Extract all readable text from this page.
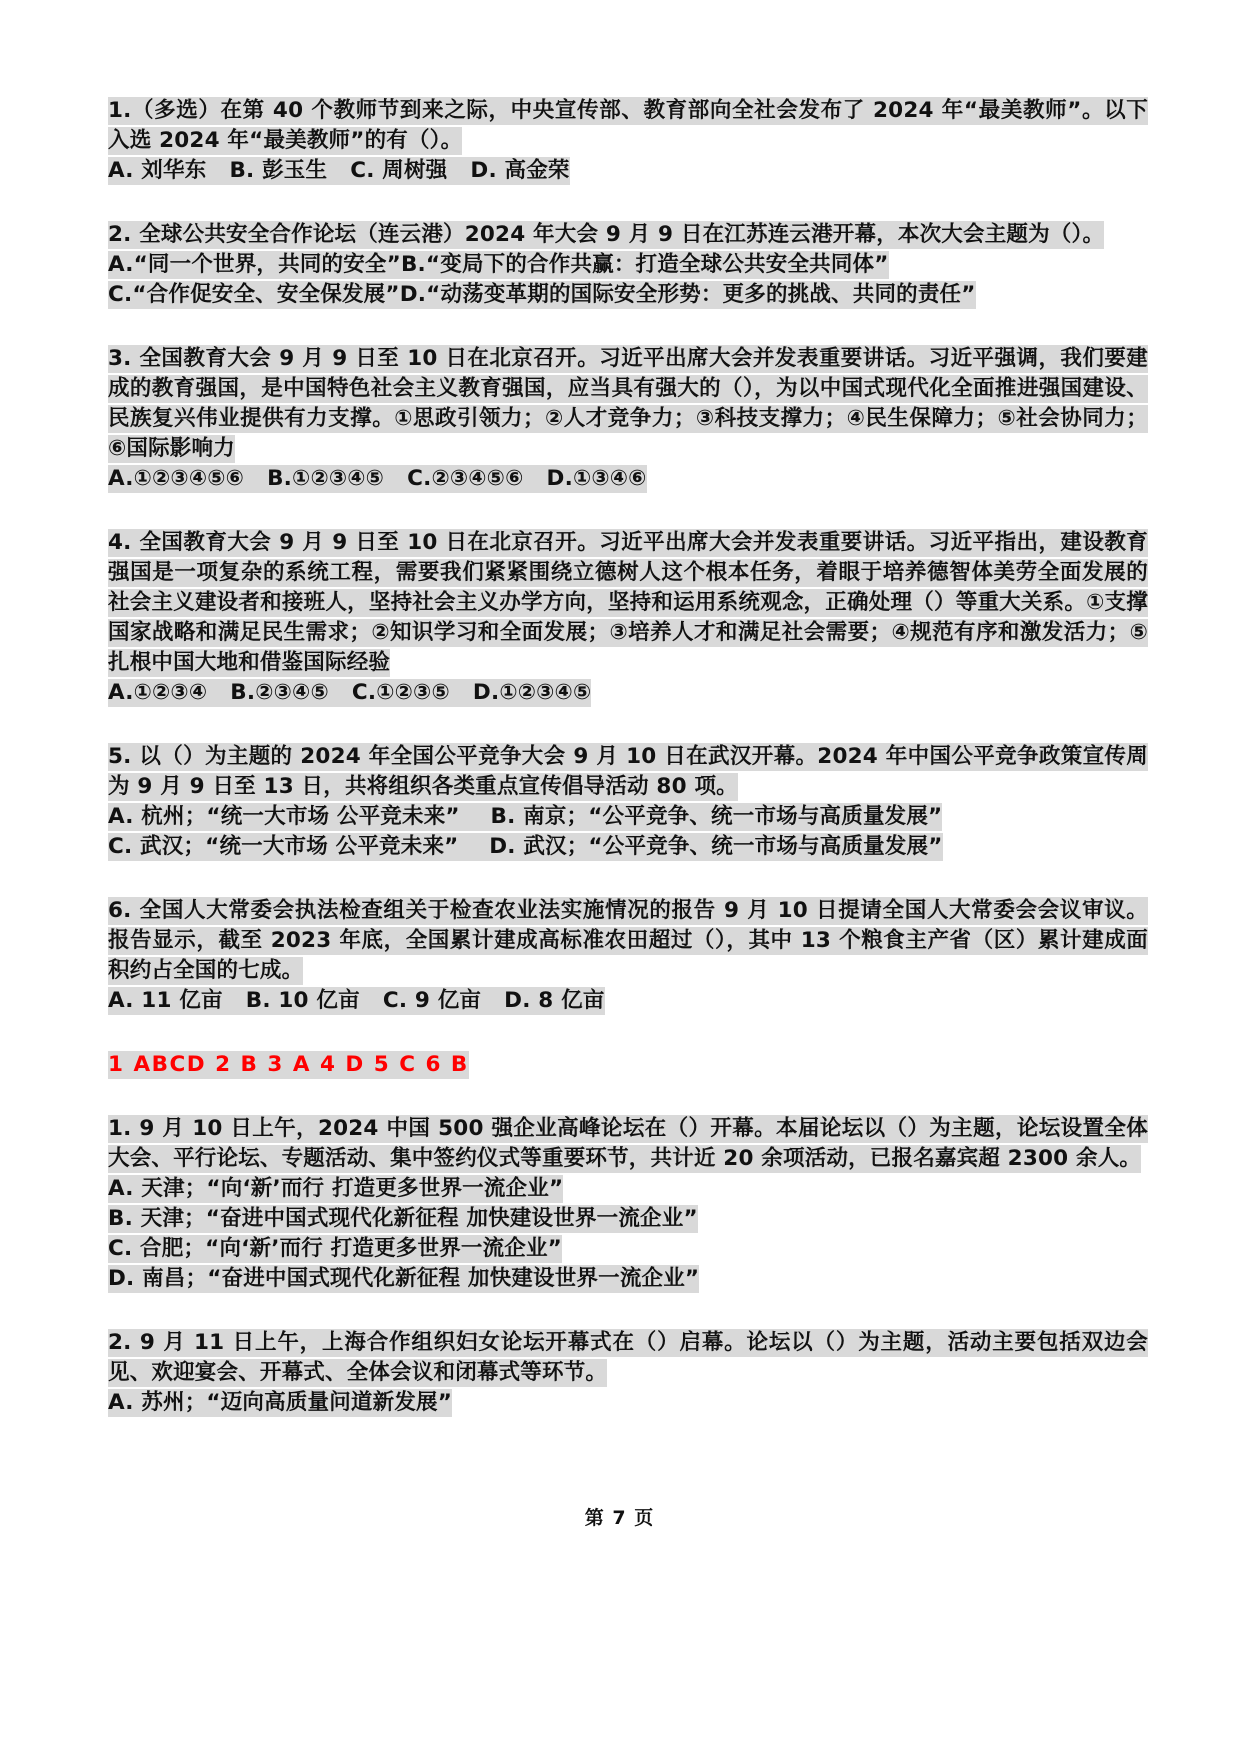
1.（多选）在第 40 个教师节到来之际，中央宣传部、教育部向全社会发布了 2024 年“最美教师”。以下入选 2024 年“最美教师”的有（）。

A. 刘华东   B. 彭玉生   C. 周树强   D. 高金荣

2. 全球公共安全合作论坛（连云港）2024 年大会 9 月 9 日在江苏连云港开幕，本次大会主题为（）。

A.“同一个世界，共同的安全”B.“变局下的合作共赢：打造全球公共安全共同体”

C.“合作促安全、安全保发展”D.“动荡变革期的国际安全形势：更多的挑战、共同的责任”

3. 全国教育大会 9 月 9 日至 10 日在北京召开。习近平出席大会并发表重要讲话。习近平强调，我们要建成的教育强国，是中国特色社会主义教育强国，应当具有强大的（），为以中国式现代化全面推进强国建设、民族复兴伟业提供有力支撑。①思政引领力；②人才竞争力；③科技支撑力；④民生保障力；⑤社会协同力；⑥国际影响力

A.①②③④⑤⑥   B.①②③④⑤   C.②③④⑤⑥   D.①③④⑥

4. 全国教育大会 9 月 9 日至 10 日在北京召开。习近平出席大会并发表重要讲话。习近平指出，建设教育强国是一项复杂的系统工程，需要我们紧紧围绕立德树人这个根本任务，着眼于培养德智体美劳全面发展的社会主义建设者和接班人，坚持社会主义办学方向，坚持和运用系统观念，正确处理（）等重大关系。①支撑国家战略和满足民生需求；②知识学习和全面发展；③培养人才和满足社会需要；④规范有序和激发活力；⑤扎根中国大地和借鉴国际经验

A.①②③④   B.②③④⑤   C.①②③⑤   D.①②③④⑤

5. 以（）为主题的 2024 年全国公平竞争大会 9 月 10 日在武汉开幕。2024 年中国公平竞争政策宣传周为 9 月 9 日至 13 日，共将组织各类重点宣传倡导活动 80 项。

A. 杭州；“统一大市场 公平竞未来”    B. 南京；“公平竞争、统一市场与高质量发展”

C. 武汉；“统一大市场 公平竞未来”    D. 武汉；“公平竞争、统一市场与高质量发展”

6. 全国人大常委会执法检查组关于检查农业法实施情况的报告 9 月 10 日提请全国人大常委会会议审议。报告显示，截至 2023 年底，全国累计建成高标准农田超过（），其中 13 个粮食主产省（区）累计建成面积约占全国的七成。

A. 11 亿亩   B. 10 亿亩   C. 9 亿亩   D. 8 亿亩

1 ABCD 2 B 3 A 4 D 5 C 6 B

1. 9 月 10 日上午，2024 中国 500 强企业高峰论坛在（）开幕。本届论坛以（）为主题，论坛设置全体大会、平行论坛、专题活动、集中签约仪式等重要环节，共计近 20 余项活动，已报名嘉宾超 2300 余人。

A. 天津；“向‘新’而行 打造更多世界一流企业”

B. 天津；“奋进中国式现代化新征程 加快建设世界一流企业”

C. 合肥；“向‘新’而行 打造更多世界一流企业”

D. 南昌；“奋进中国式现代化新征程 加快建设世界一流企业”

2. 9 月 11 日上午，上海合作组织妇女论坛开幕式在（）启幕。论坛以（）为主题，活动主要包括双边会见、欢迎宴会、开幕式、全体会议和闭幕式等环节。

A. 苏州；“迈向高质量问道新发展”

第 7 页
